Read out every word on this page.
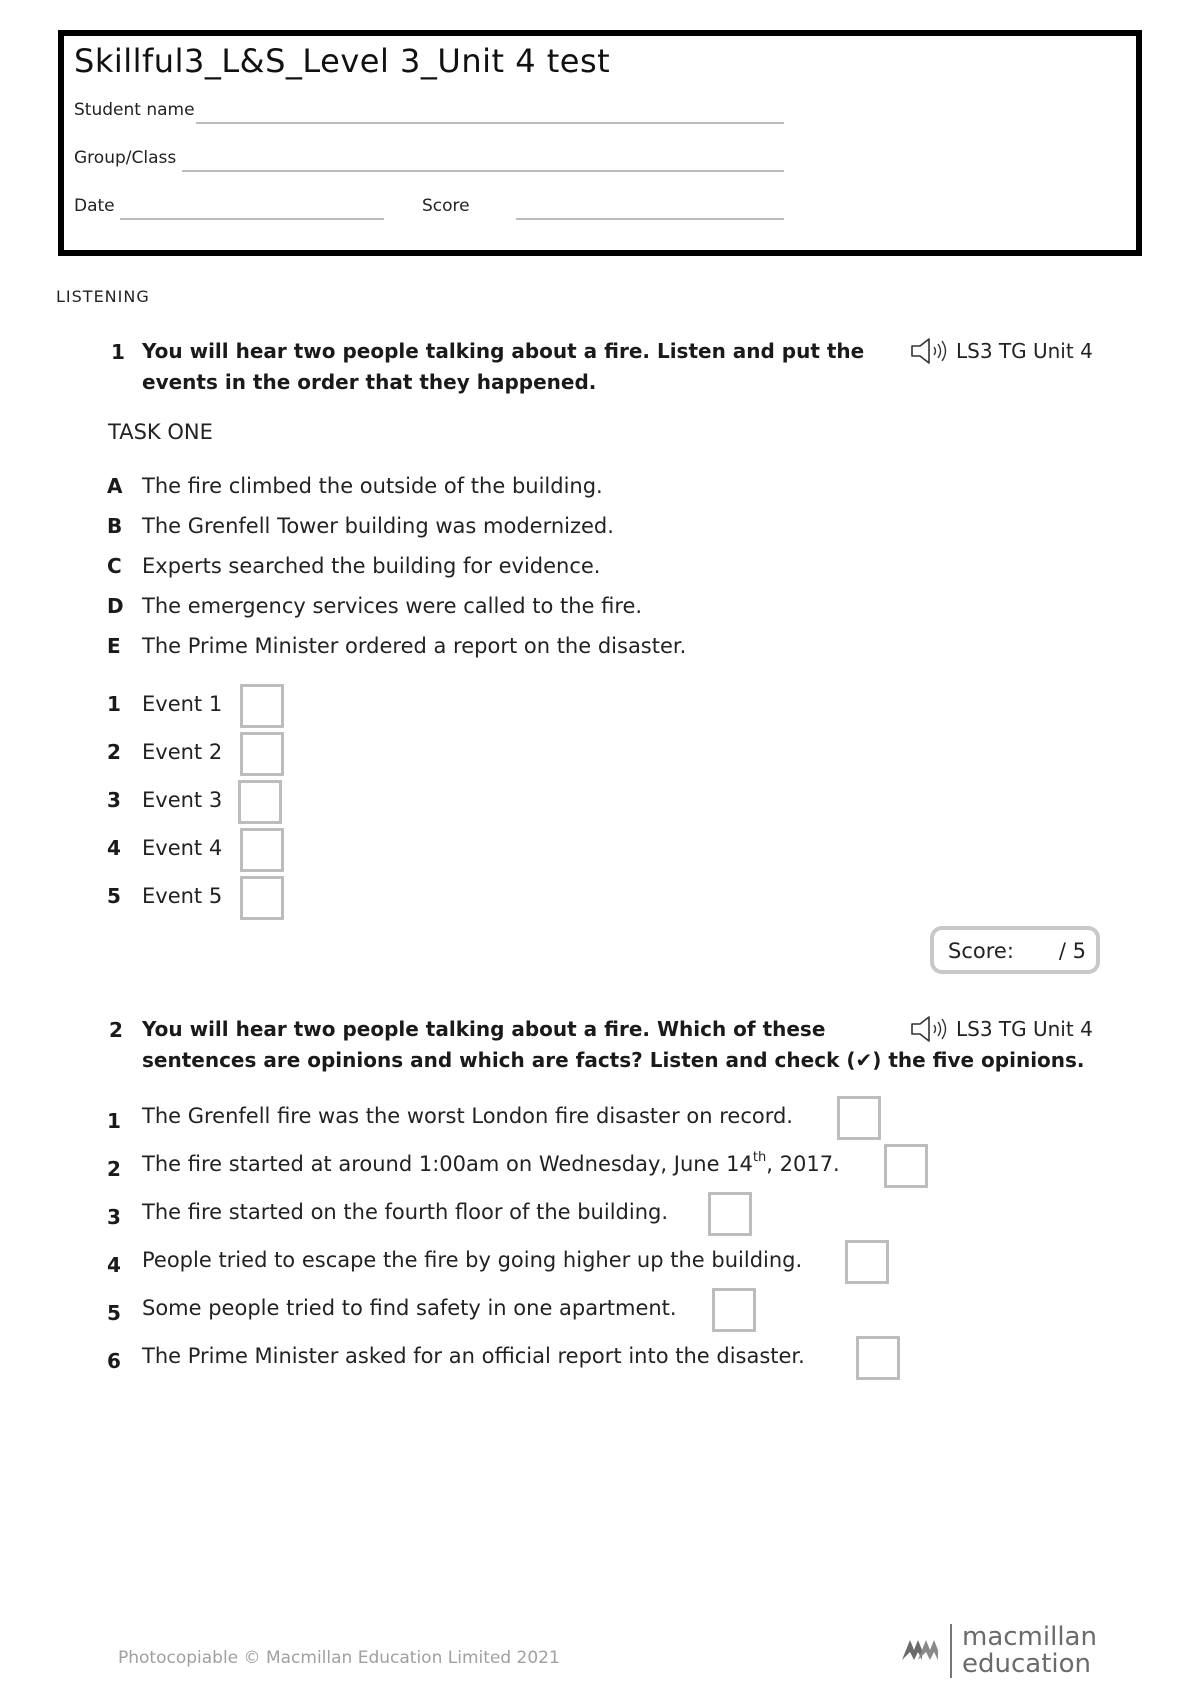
Skillful3_L&S_Level 3_Unit 4 test
Student name
Group/Class
Date	Score
LISTENING
1 You will hear two people talking about a fire. Listen and put the
events in the order that they happened.
LS3 TG Unit 4
TASK ONE
A The fire climbed the outside of the building.
B The Grenfell Tower building was modernized.
C Experts searched the building for evidence.
D The emergency services were called to the fire.
E The Prime Minister ordered a report on the disaster.
1 Event 1
2 Event 2
3 Event 3
4 Event 4
5 Event 5
Score: / 5
2 You will hear two people talking about a fire. Which of these
sentences are opinions and which are facts? Listen and check (✔) the five opinions.
LS3 TG Unit 4
1 The Grenfell fire was the worst London fire disaster on record.
2 The fire started at around 1:00am on Wednesday, June 14th, 2017.
3 The fire started on the fourth floor of the building.
4 People tried to escape the fire by going higher up the building.
5 Some people tried to find safety in one apartment.
6 The Prime Minister asked for an official report into the disaster.
Photocopiable © Macmillan Education Limited 2021
macmillan
education
